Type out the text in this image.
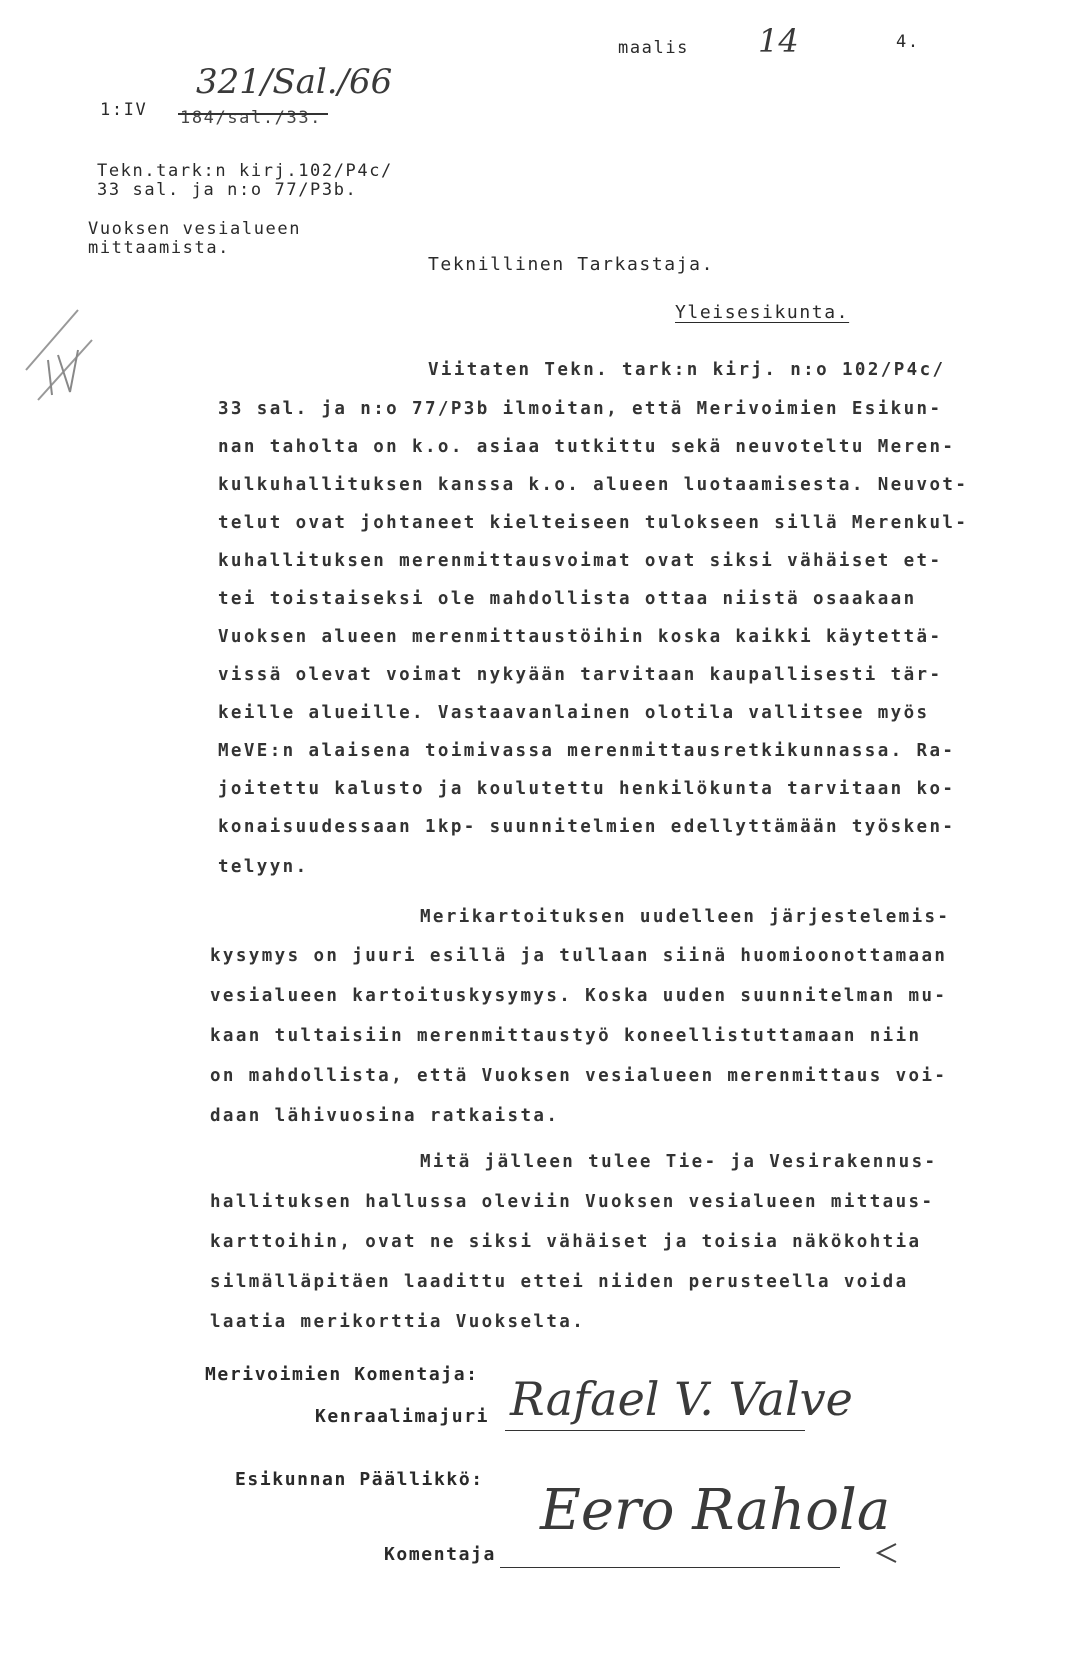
maalis 14	4.
1:IV
321/Sal./66
184/sal./33.
Tekn.tark:n kirj.102/P4c/
33 sal. ja n:o 77/P3b.
Vuoksen vesialueen
mittaamista.
Teknillinen Tarkastaja.
Yleisesikunta.
Viitaten Tekn. tark:n kirj. n:o 102/P4c/
33 sal. ja n:o 77/P3b ilmoitan, että Merivoimien Esikun-
nan taholta on k.o. asiaa tutkittu sekä neuvoteltu Meren-
kulkuhallituksen kanssa k.o. alueen luotaamisesta. Neuvot-
telut ovat johtaneet kielteiseen tulokseen sillä Merenkul-
kuhallituksen merenmittausvoimat ovat siksi vähäiset et-
tei toistaiseksi ole mahdollista ottaa niistä osaakaan
Vuoksen alueen merenmittaustöihin koska kaikki käytettä-
vissä olevat voimat nykyään tarvitaan kaupallisesti tär-
keille alueille. Vastaavanlainen olotila vallitsee myös
MeVE:n alaisena toimivassa merenmittausretkikunnassa. Ra-
joitettu kalusto ja koulutettu henkilökunta tarvitaan ko-
konaisuudessaan 1kp- suunnitelmien edellyttämään työsken-
telyyn.
Merikartoituksen uudelleen järjestelemis-
kysymys on juuri esillä ja tullaan siinä huomioonottamaan
vesialueen kartoituskysymys. Koska uuden suunnitelman mu-
kaan tultaisiin merenmittaustyö koneellistuttamaan niin
on mahdollista, että Vuoksen vesialueen merenmittaus voi-
daan lähivuosina ratkaista.
Mitä jälleen tulee Tie- ja Vesirakennus-
hallituksen hallussa oleviin Vuoksen vesialueen mittaus-
karttoihin, ovat ne siksi vähäiset ja toisia näkökohtia
silmälläpitäen laadittu ettei niiden perusteella voida
laatia merikorttia Vuokselta.
Merivoimien Komentaja:
Kenraalimajuri Rafael V. Valve
Esikunnan Päällikkö:
Komentaja
Eero Rahola
